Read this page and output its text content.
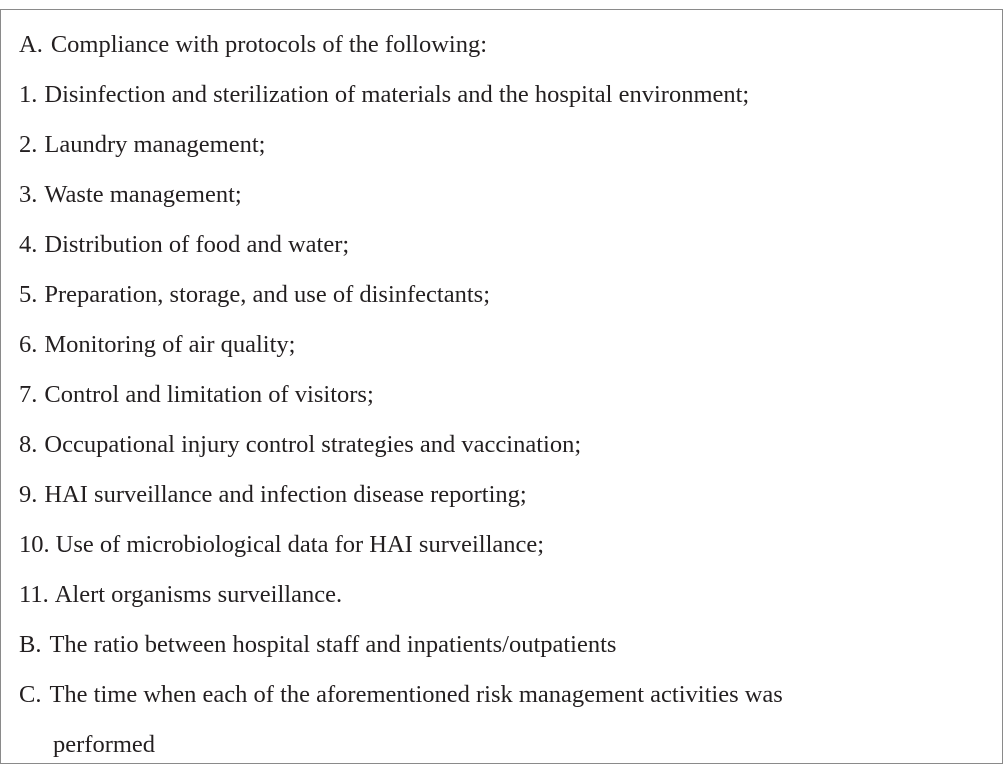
A. Compliance with protocols of the following:
1. Disinfection and sterilization of materials and the hospital environment;
2. Laundry management;
3. Waste management;
4. Distribution of food and water;
5. Preparation, storage, and use of disinfectants;
6. Monitoring of air quality;
7. Control and limitation of visitors;
8. Occupational injury control strategies and vaccination;
9. HAI surveillance and infection disease reporting;
10. Use of microbiological data for HAI surveillance;
11. Alert organisms surveillance.
B. The ratio between hospital staff and inpatients/outpatients
C. The time when each of the aforementioned risk management activities was
performed
